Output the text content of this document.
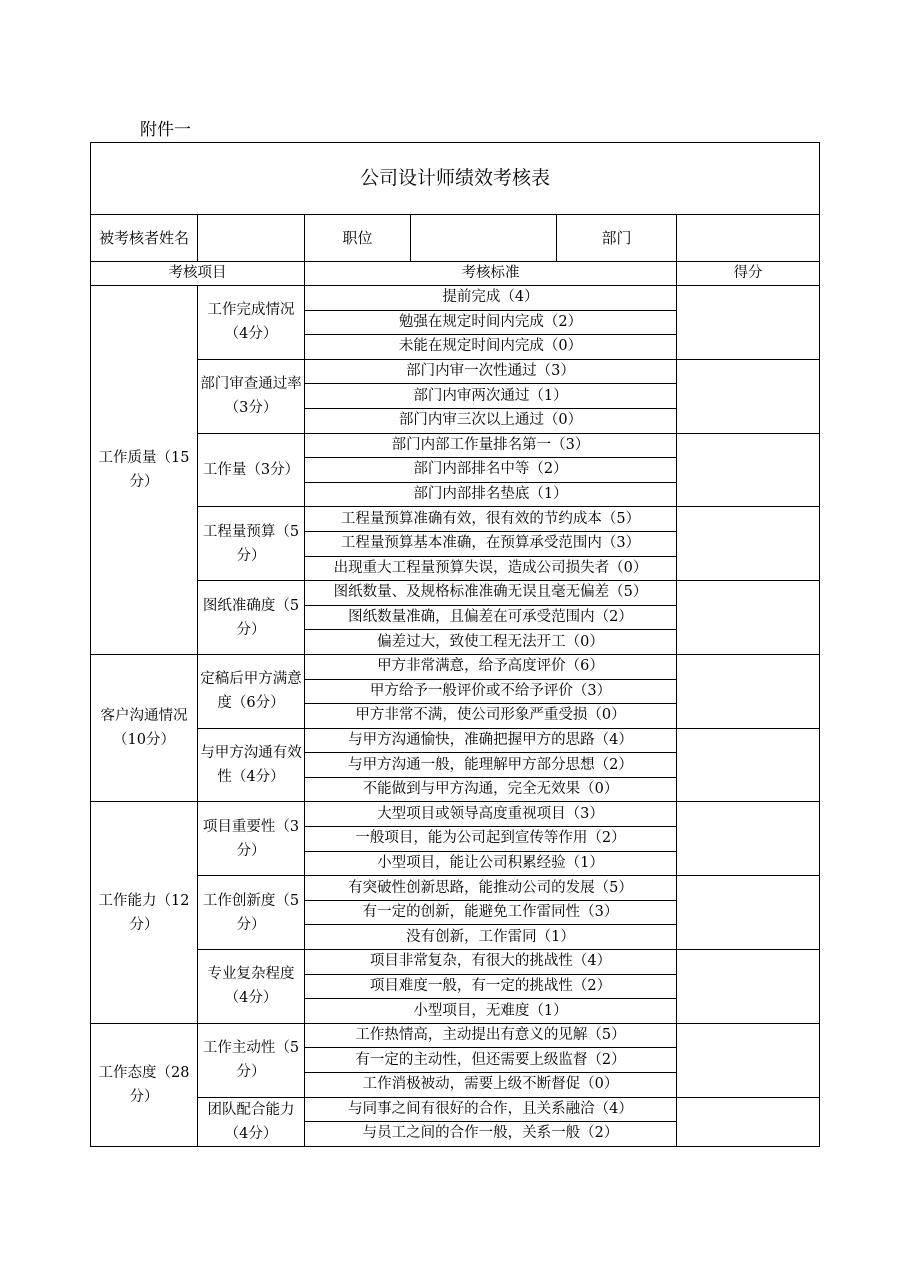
附件一
公司设计师绩效考核表					
被考核者姓名		职位		部门	
考核项目		考核标准			得分
工作质量（15分）	工作完成情况（4分）	提前完成（4）			
		勉强在规定时间内完成（2）			
		未能在规定时间内完成（0）			
	部门审查通过率（3分）	部门内审一次性通过（3）			
		部门内审两次通过（1）			
		部门内审三次以上通过（0）			
	工作量（3分）	部门内部工作量排名第一（3）			
		部门内部排名中等（2）			
		部门内部排名垫底（1）			
	工程量预算（5分）	工程量预算准确有效，很有效的节约成本（5）			
		工程量预算基本准确，在预算承受范围内（3）			
		出现重大工程量预算失误，造成公司损失者（0）			
	图纸准确度（5分）	图纸数量、及规格标准准确无误且毫无偏差（5）			
		图纸数量准确，且偏差在可承受范围内（2）			
		偏差过大，致使工程无法开工（0）			
客户沟通情况（10分）	定稿后甲方满意度（6分）	甲方非常满意，给予高度评价（6）			
		甲方给予一般评价或不给予评价（3）			
		甲方非常不满，使公司形象严重受损（0）			
	与甲方沟通有效性（4分）	与甲方沟通愉快，准确把握甲方的思路（4）			
		与甲方沟通一般，能理解甲方部分思想（2）			
		不能做到与甲方沟通，完全无效果（0）			
工作能力（12分）	项目重要性（3分）	大型项目或领导高度重视项目（3）			
		一般项目，能为公司起到宣传等作用（2）			
		小型项目，能让公司积累经验（1）			
	工作创新度（5分）	有突破性创新思路，能推动公司的发展（5）			
		有一定的创新，能避免工作雷同性（3）			
		没有创新，工作雷同（1）			
	专业复杂程度（4分）	项目非常复杂，有很大的挑战性（4）			
		项目难度一般，有一定的挑战性（2）			
		小型项目，无难度（1）			
工作态度（28分）	工作主动性（5分）	工作热情高，主动提出有意义的见解（5）			
		有一定的主动性，但还需要上级监督（2）			
		工作消极被动，需要上级不断督促（0）			
	团队配合能力（4分）	与同事之间有很好的合作，且关系融洽（4）			
		与员工之间的合作一般，关系一般（2）			
